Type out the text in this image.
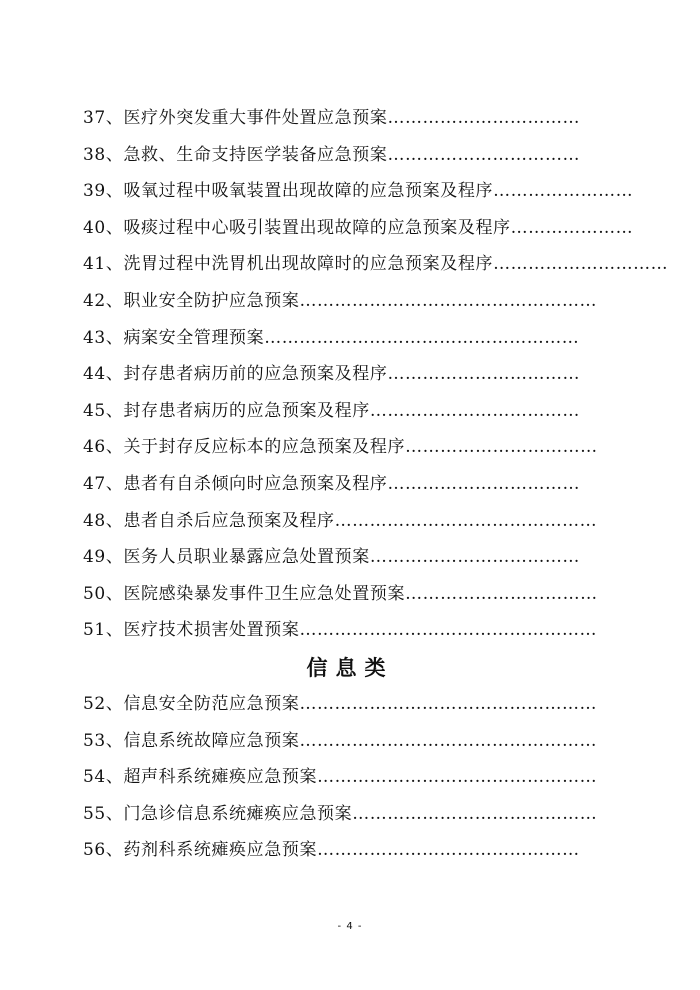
37、医疗外突发重大事件处置应急预案……………………………
38、急救、生命支持医学装备应急预案……………………………
39、吸氧过程中吸氧装置出现故障的应急预案及程序……………………
40、吸痰过程中心吸引装置出现故障的应急预案及程序…………………
41、洗胃过程中洗胃机出现故障时的应急预案及程序…………………………
42、职业安全防护应急预案……………………………………………
43、病案安全管理预案………………………………………………
44、封存患者病历前的应急预案及程序……………………………
45、封存患者病历的应急预案及程序………………………………
46、关于封存反应标本的应急预案及程序……………………………
47、患者有自杀倾向时应急预案及程序……………………………
48、患者自杀后应急预案及程序………………………………………
49、医务人员职业暴露应急处置预案………………………………
50、医院感染暴发事件卫生应急处置预案……………………………
51、医疗技术损害处置预案……………………………………………
信息类
52、信息安全防范应急预案……………………………………………
53、信息系统故障应急预案……………………………………………
54、超声科系统瘫痪应急预案…………………………………………
55、门急诊信息系统瘫痪应急预案……………………………………
56、药剂科系统瘫痪应急预案………………………………………
- 4 -
